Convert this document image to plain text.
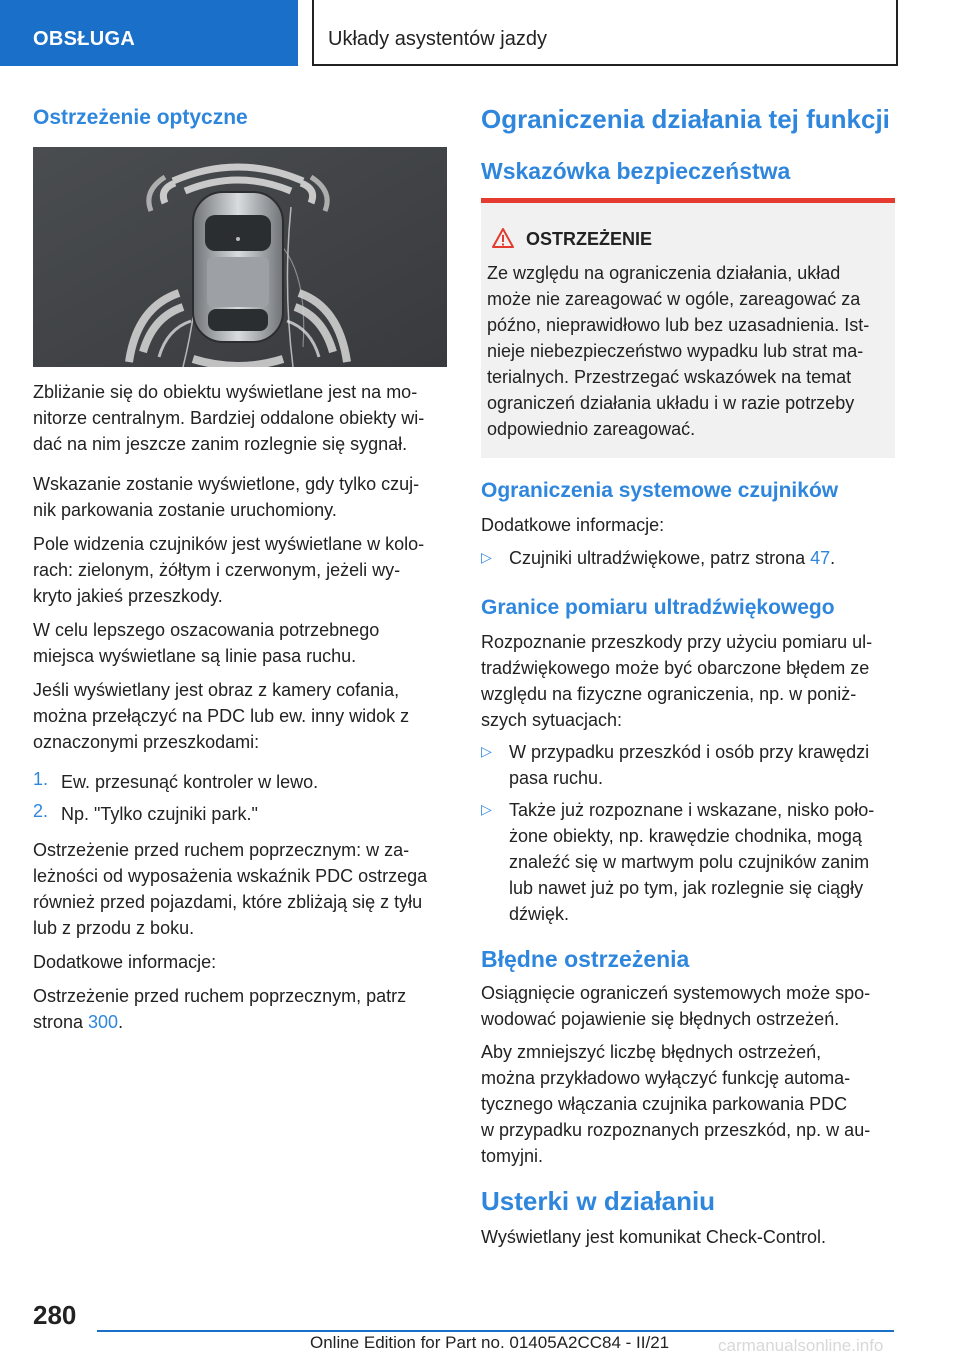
OBSŁUGA	Układy asystentów jazdy
Ostrzeżenie optyczne

Zbliżanie się do obiektu wyświetlane jest na mo‐
nitorze centralnym. Bardziej oddalone obiekty wi‐
dać na nim jeszcze zanim rozlegnie się sygnał.

Wskazanie zostanie wyświetlone, gdy tylko czuj‐
nik parkowania zostanie uruchomiony.

Pole widzenia czujników jest wyświetlane w kolo‐
rach: zielonym, żółtym i czerwonym, jeżeli wy‐
kryto jakieś przeszkody.

W celu lepszego oszacowania potrzebnego
miejsca wyświetlane są linie pasa ruchu.

Jeśli wyświetlany jest obraz z kamery cofania,
można przełączyć na PDC lub ew. inny widok z
oznaczonymi przeszkodami:

1. Ew. przesunąć kontroler w lewo.

2. Np. "Tylko czujniki park."

Ostrzeżenie przed ruchem poprzecznym: w za‐
leżności od wyposażenia wskaźnik PDC ostrzega
również przed pojazdami, które zbliżają się z tyłu
lub z przodu z boku.

Dodatkowe informacje:

Ostrzeżenie przed ruchem poprzecznym, patrz
strona 300.

Ograniczenia działania tej funkcji
Wskazówka bezpieczeństwa
OSTRZEŻENIE

Ze względu na ograniczenia działania, układ
może nie zareagować w ogóle, zareagować za
późno, nieprawidłowo lub bez uzasadnienia. Ist‐
nieje niebezpieczeństwo wypadku lub strat ma‐
terialnych. Przestrzegać wskazówek na temat
ograniczeń działania układu i w razie potrzeby
odpowiednio zareagować.

Ograniczenia systemowe czujników

Dodatkowe informacje:

▷ Czujniki ultradźwiękowe, patrz strona 47.

Granice pomiaru ultradźwiękowego

Rozpoznanie przeszkody przy użyciu pomiaru ul‐
tradźwiękowego może być obarczone błędem ze
względu na fizyczne ograniczenia, np. w poniż‐
szych sytuacjach:

▷ W przypadku przeszkód i osób przy krawędzi
pasa ruchu.

▷ Także już rozpoznane i wskazane, nisko poło‐
żone obiekty, np. krawędzie chodnika, mogą
znaleźć się w martwym polu czujników zanim
lub nawet już po tym, jak rozlegnie się ciągły
dźwięk.

Błędne ostrzeżenia

Osiągnięcie ograniczeń systemowych może spo‐
wodować pojawienie się błędnych ostrzeżeń.

Aby zmniejszyć liczbę błędnych ostrzeżeń,
można przykładowo wyłączyć funkcję automa‐
tycznego włączania czujnika parkowania PDC
w przypadku rozpoznanych przeszkód, np. w au‐
tomyjni.

Usterki w działaniu

Wyświetlany jest komunikat Check-Control.

280
Online Edition for Part no. 01405A2CC84 - II/21	carmanualsonline.info
